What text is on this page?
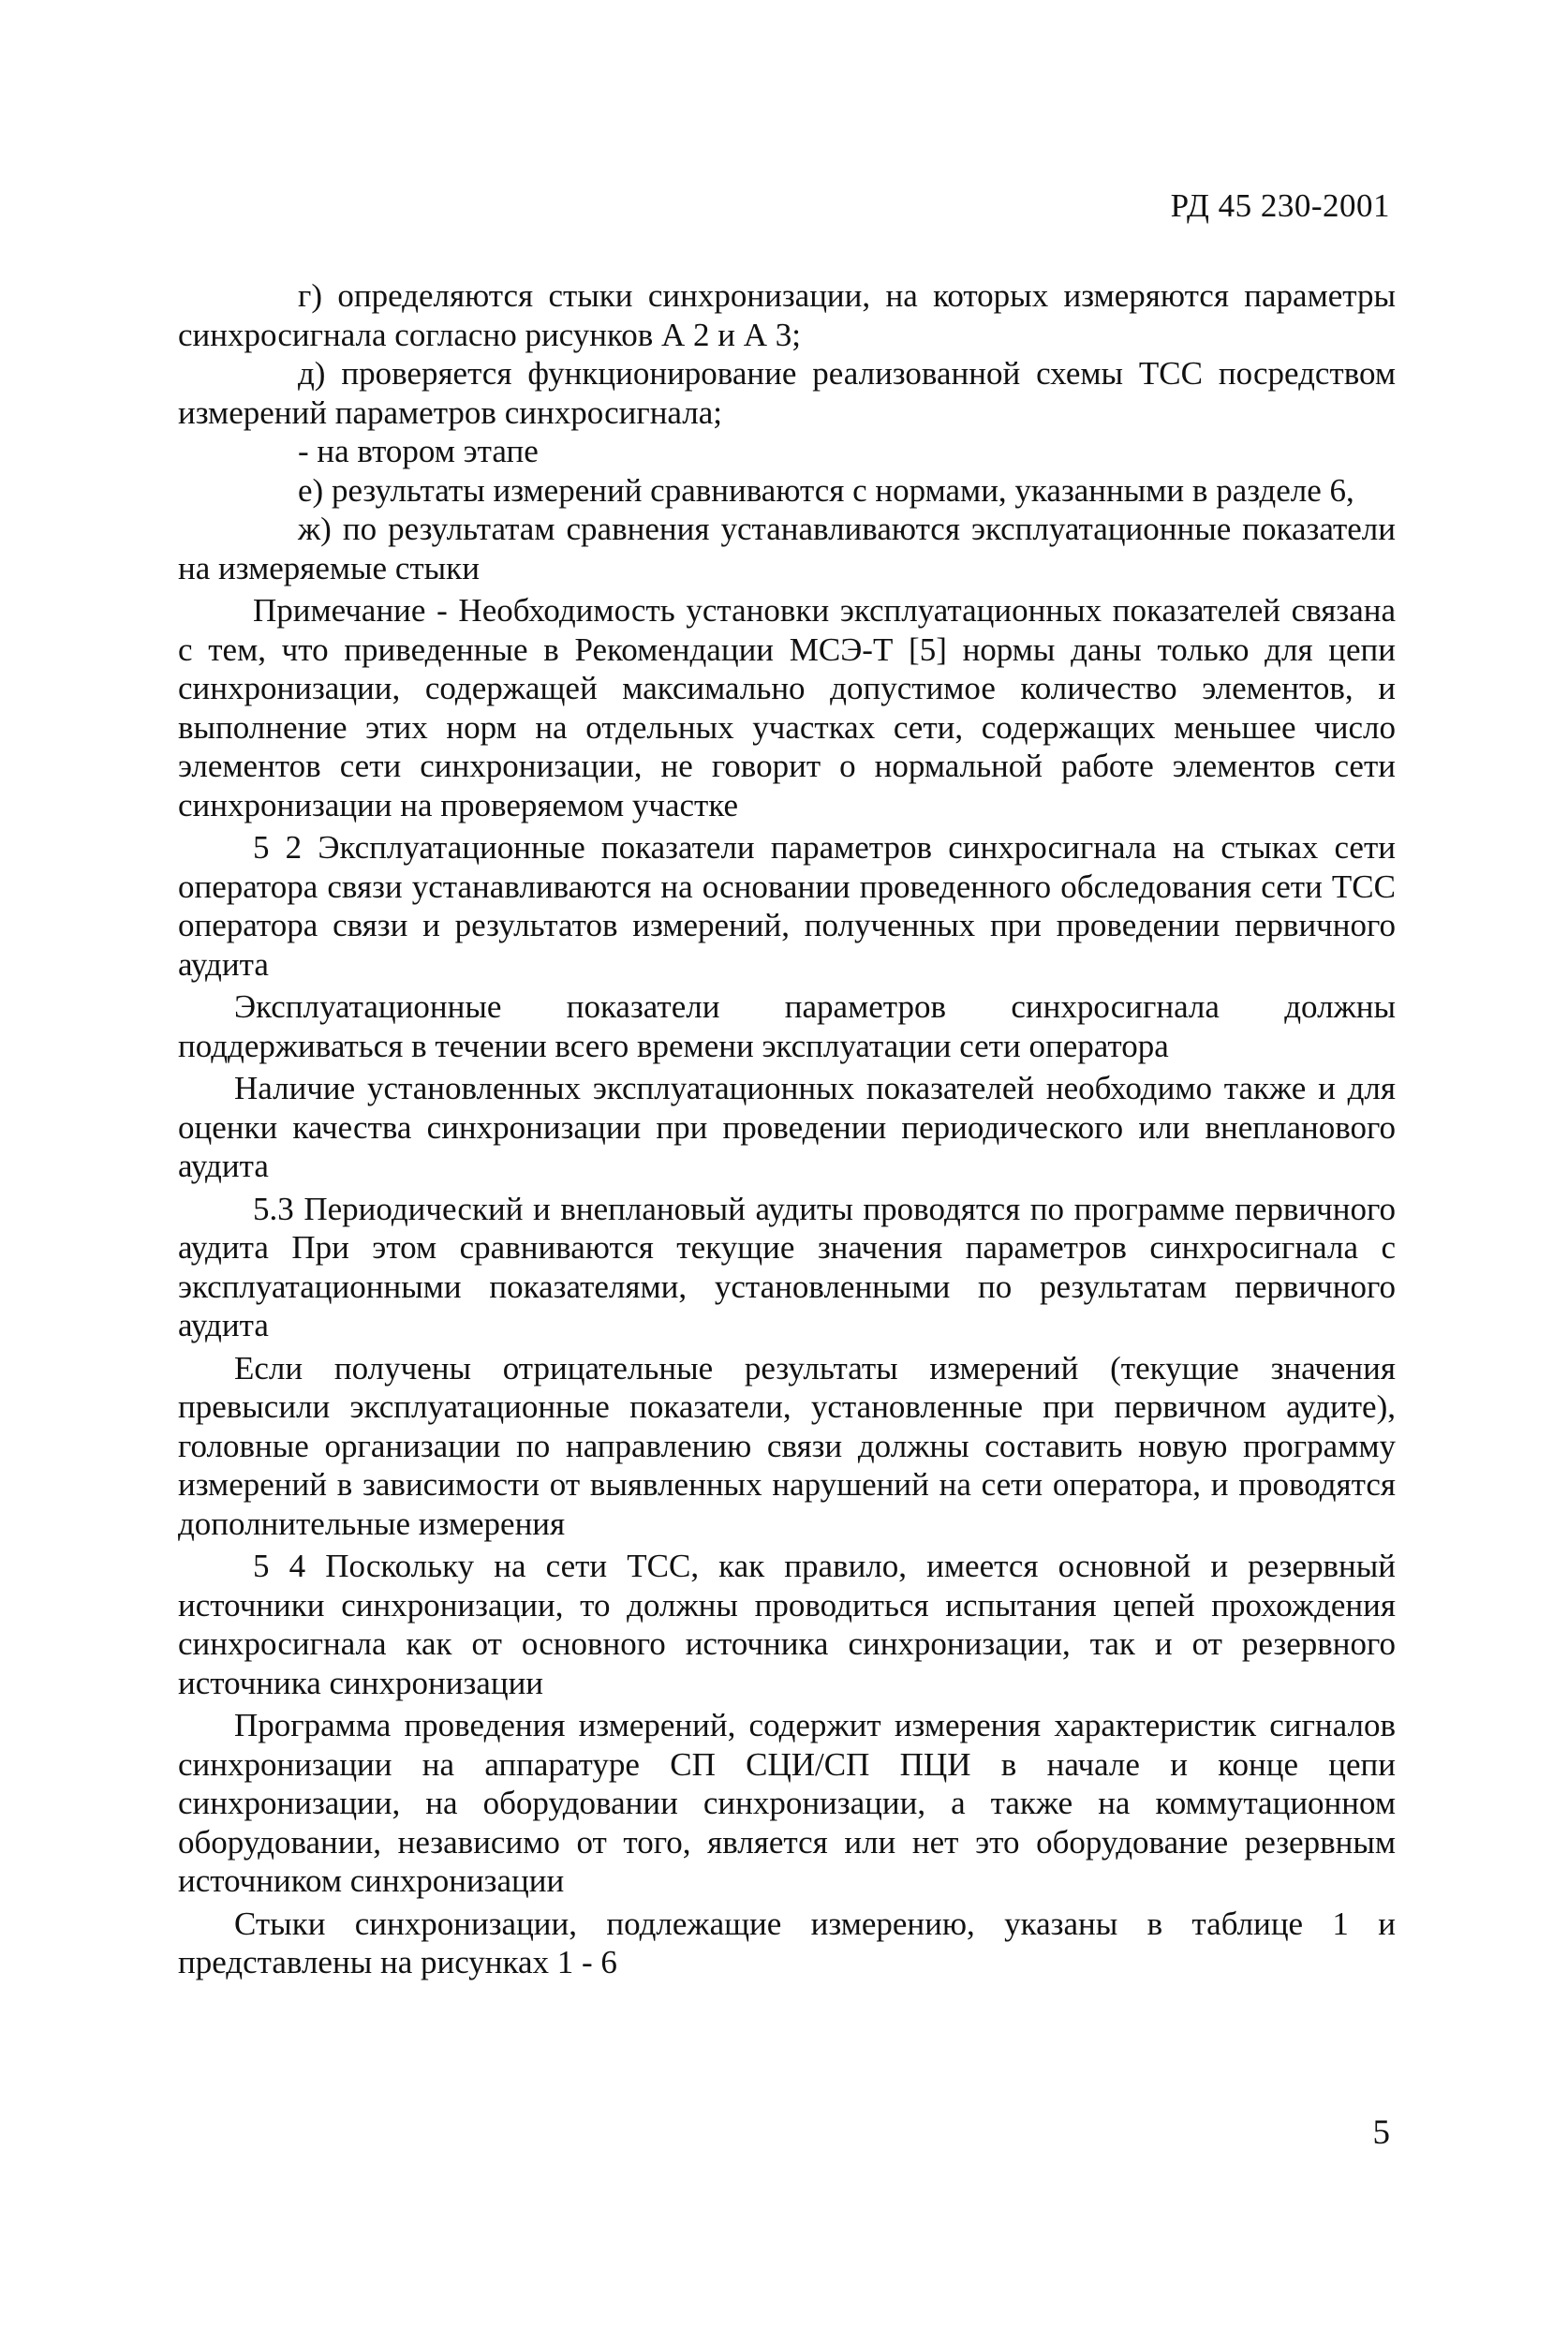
РД 45 230-2001

г) определяются стыки синхронизации, на которых измеряются параметры синхросигнала согласно рисунков А 2 и А 3;

д) проверяется функционирование реализованной схемы ТСС посредством измерений параметров синхросигнала;

- на втором этапе

е) результаты измерений сравниваются с нормами, указанными в разделе 6,

ж) по результатам сравнения устанавливаются эксплуатационные показатели на измеряемые стыки

Примечание - Необходимость установки эксплуатационных показателей связана с тем, что приведенные в Рекомендации МСЭ-Т [5] нормы даны только для цепи синхронизации, содержащей максимально допустимое количество элементов, и выполнение этих норм на отдельных участках сети, содержащих меньшее число элементов сети синхронизации, не говорит о нормальной работе элементов сети синхронизации на проверяемом участке

5 2 Эксплуатационные показатели параметров синхросигнала на стыках сети оператора связи устанавливаются на основании проведенного обследования сети ТСС оператора связи и результатов измерений, полученных при проведении первичного аудита

Эксплуатационные показатели параметров синхросигнала должны поддерживаться в течении всего времени эксплуатации сети оператора

Наличие установленных эксплуатационных показателей необходимо также и для оценки качества синхронизации при проведении периодического или внепланового аудита

5.3 Периодический и внеплановый аудиты проводятся по программе первичного аудита При этом сравниваются текущие значения параметров синхросигнала с эксплуатационными показателями, установленными по результатам первичного аудита

Если получены отрицательные результаты измерений (текущие значения превысили эксплуатационные показатели, установленные при первичном аудите), головные организации по направлению связи должны составить новую программу измерений в зависимости от выявленных нарушений на сети оператора, и проводятся дополнительные измерения

5 4 Поскольку на сети ТСС, как правило, имеется основной и резервный источники синхронизации, то должны проводиться испытания цепей прохождения синхросигнала как от основного источника синхронизации, так и от резервного источника синхронизации

Программа проведения измерений, содержит измерения характеристик сигналов синхронизации на аппаратуре СП СЦИ/СП ПЦИ в начале и конце цепи синхронизации, на оборудовании синхронизации, а также на коммутационном оборудовании, независимо от того, является или нет это оборудование резервным источником синхронизации

Стыки синхронизации, подлежащие измерению, указаны в таблице 1 и представлены на рисунках 1 - 6

5
